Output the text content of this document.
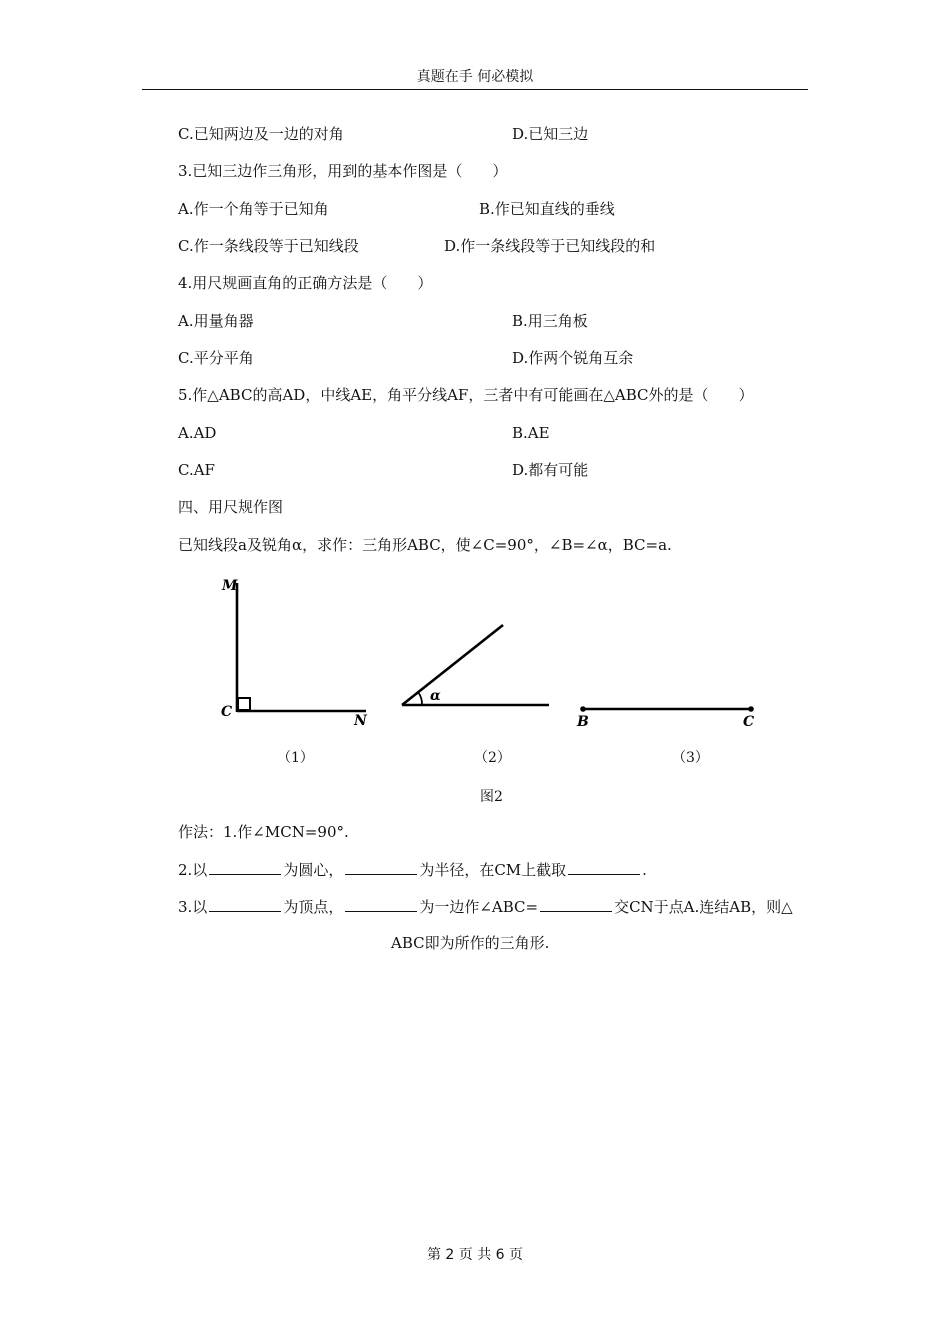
真题在手 何必模拟
C.已知两边及一边的对角	D.已知三边
3.已知三边作三角形，用到的基本作图是（　　）
A.作一个角等于已知角	B.作已知直线的垂线
C.作一条线段等于已知线段	D.作一条线段等于已知线段的和
4.用尺规画直角的正确方法是（　　）
A.用量角器	B.用三角板
C.平分平角	D.作两个锐角互余
5.作△ABC的高AD，中线AE，角平分线AF，三者中有可能画在△ABC外的是（　　）
A.AD	B.AE
C.AF	D.都有可能
四、用尺规作图
已知线段a及锐角α，求作：三角形ABC，使∠C=90°，∠B=∠α，BC=a.
M
C
N
α
B	C
（1）	（2）	（3）
图2
作法：1.作∠MCN=90°.
2.以	为圆心，	为半径，在CM上截取	.
3.以	为顶点，	为一边作∠ABC=	交CN于点A.连结AB，则△
ABC即为所作的三角形.
第 2 页 共 6 页
